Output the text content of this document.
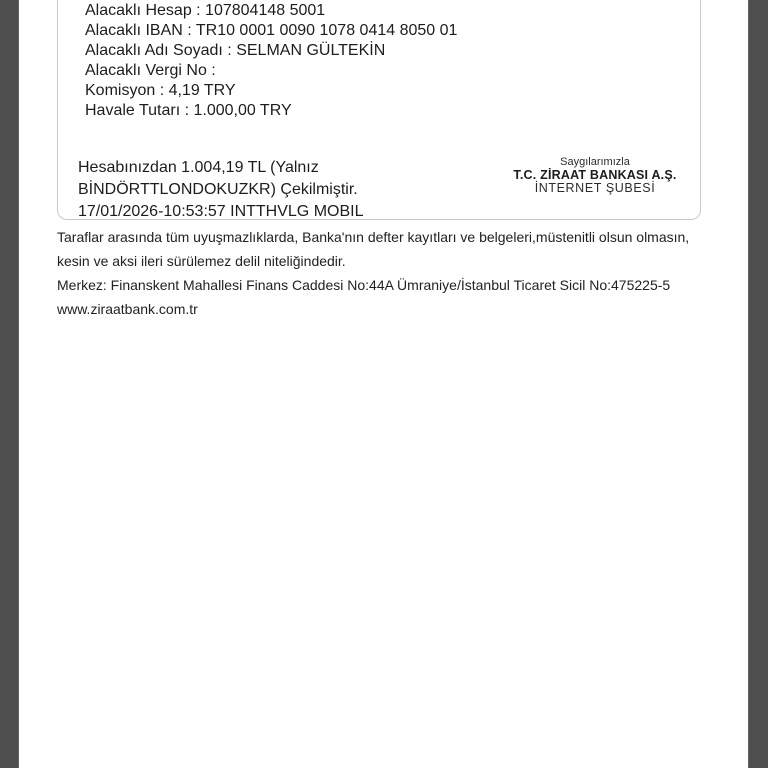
Alacaklı Hesap : 107804148 5001
Alacaklı IBAN : TR10 0001 0090 1078 0414 8050 01
Alacaklı Adı Soyadı : SELMAN GÜLTEKİN
Alacaklı Vergi No :
Komisyon : 4,19 TRY
Havale Tutarı : 1.000,00 TRY
Hesabınızdan 1.004,19 TL (Yalnız
BİNDÖRTTLONDOKUZKR) Çekilmiştir.
17/01/2026-10:53:57 INTTHVLG MOBIL
Saygılarımızla
T.C. ZİRAAT BANKASI A.Ş.
İNTERNET ŞUBESİ
Taraflar arasında tüm uyuşmazlıklarda, Banka'nın defter kayıtları ve belgeleri,müstenitli olsun olmasın,
kesin ve aksi ileri sürülemez delil niteliğindedir.
Merkez: Finanskent Mahallesi Finans Caddesi No:44A Ümraniye/İstanbul Ticaret Sicil No:475225-5
www.ziraatbank.com.tr
